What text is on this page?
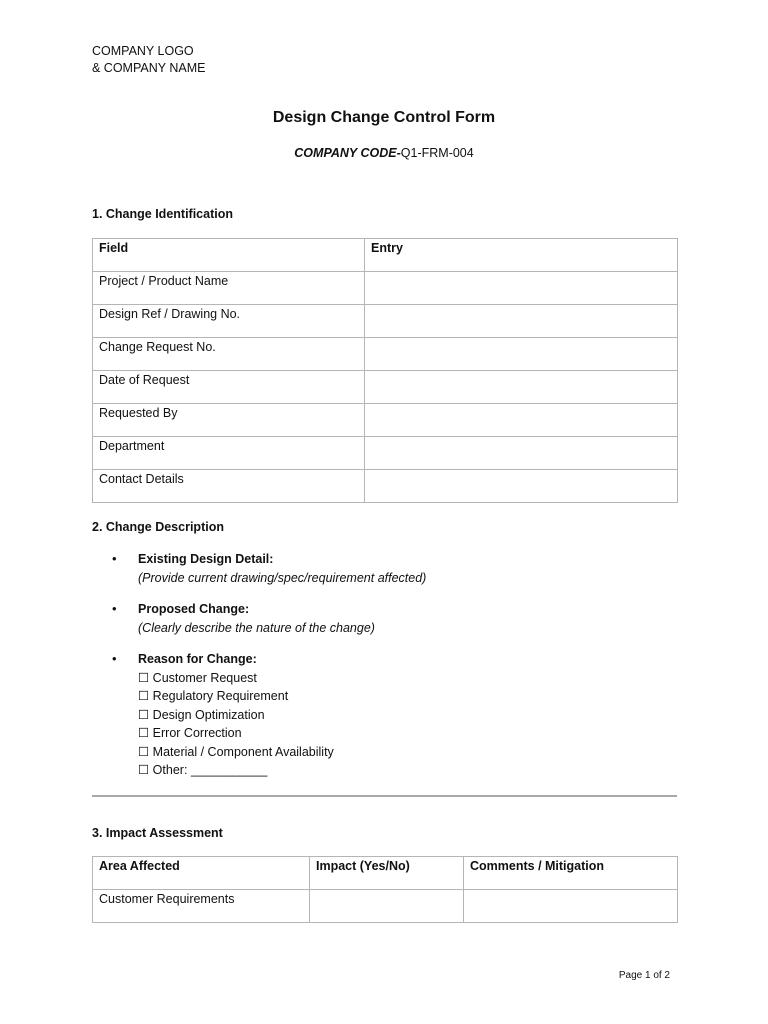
COMPANY LOGO
& COMPANY NAME
Design Change Control Form
COMPANY CODE-Q1-FRM-004
1. Change Identification
Field	Entry
Project / Product Name	
Design Ref / Drawing No.	
Change Request No.	
Date of Request	
Requested By	
Department	
Contact Details	
2. Change Description
• Existing Design Detail:
(Provide current drawing/spec/requirement affected)
• Proposed Change:
(Clearly describe the nature of the change)
• Reason for Change:
☐ Customer Request
☐ Regulatory Requirement
☐ Design Optimization
☐ Error Correction
☐ Material / Component Availability
☐ Other: ___________
3. Impact Assessment
Area Affected	Impact (Yes/No)	Comments / Mitigation
Customer Requirements		
Page 1 of 2
